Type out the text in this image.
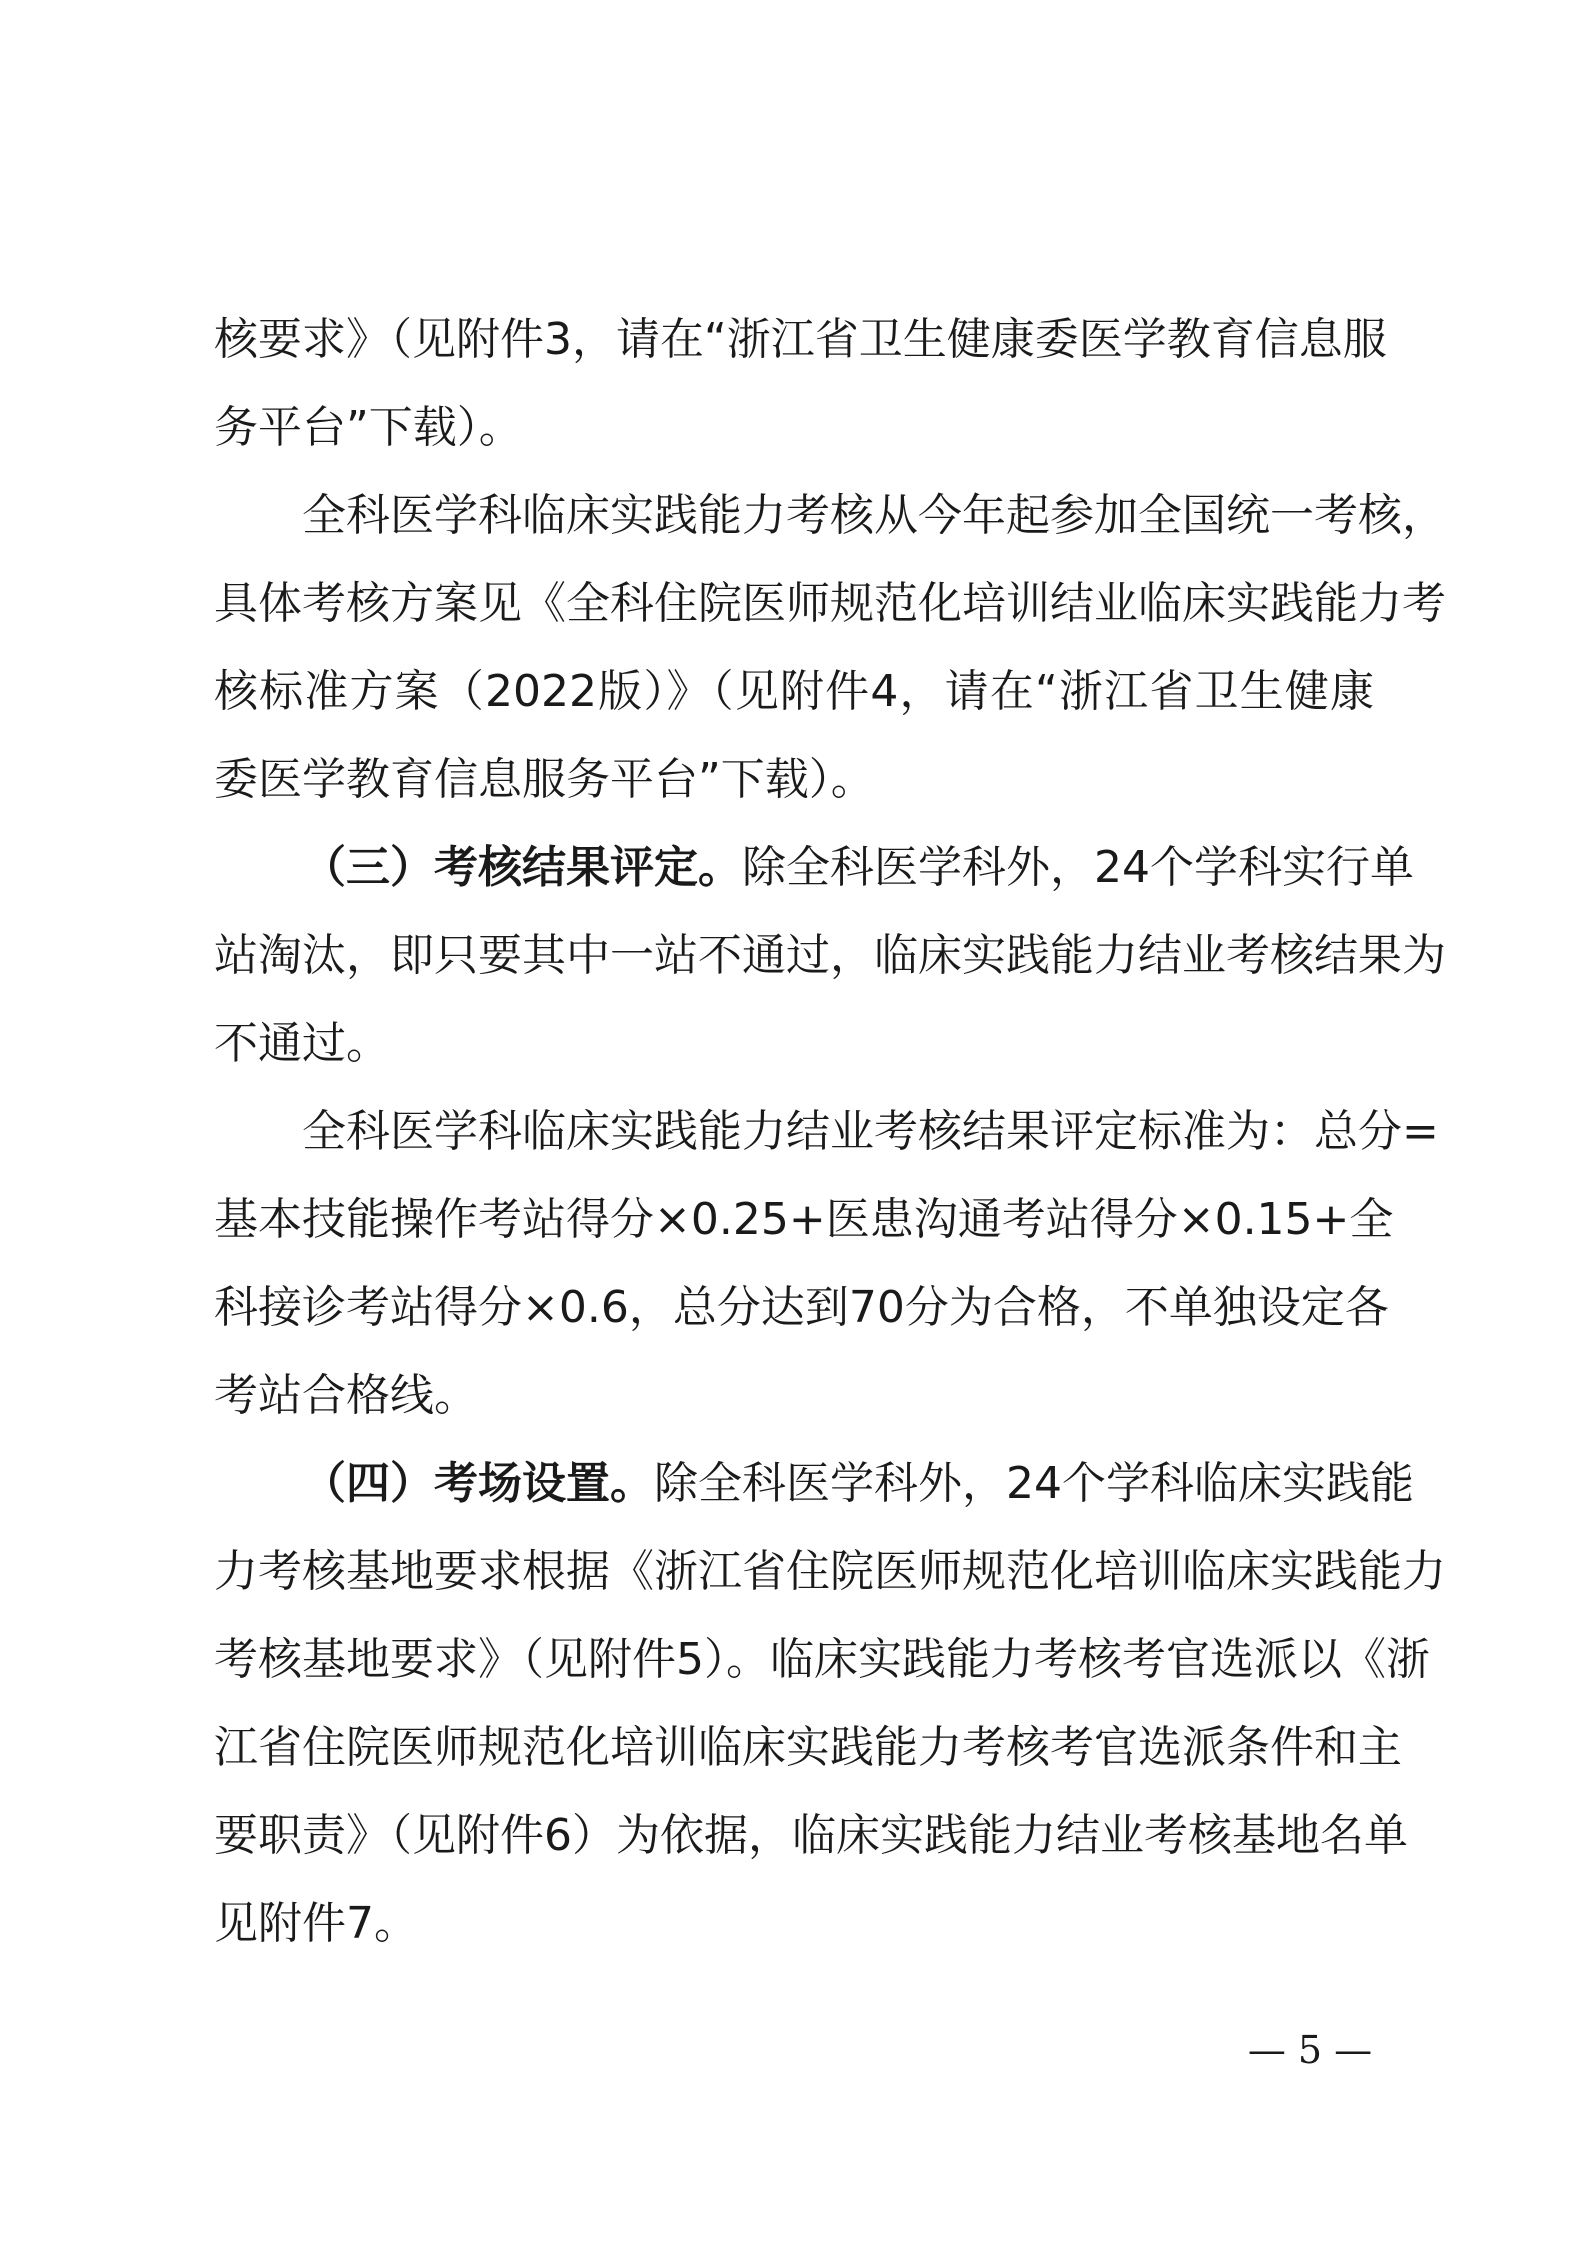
核要求》（见附件3，请在“浙江省卫生健康委医学教育信息服
务平台”下载）。
全科医学科临床实践能力考核从今年起参加全国统一考核，
具体考核方案见《全科住院医师规范化培训结业临床实践能力考
核标准方案（2022版）》（见附件4，请在“浙江省卫生健康
委医学教育信息服务平台”下载）。
（三）考核结果评定。除全科医学科外，24个学科实行单
站淘汰，即只要其中一站不通过，临床实践能力结业考核结果为
不通过。
全科医学科临床实践能力结业考核结果评定标准为：总分=
基本技能操作考站得分×0.25+医患沟通考站得分×0.15+全
科接诊考站得分×0.6，总分达到70分为合格，不单独设定各
考站合格线。
（四）考场设置。除全科医学科外，24个学科临床实践能
力考核基地要求根据《浙江省住院医师规范化培训临床实践能力
考核基地要求》（见附件5）。临床实践能力考核考官选派以《浙
江省住院医师规范化培训临床实践能力考核考官选派条件和主
要职责》（见附件6）为依据，临床实践能力结业考核基地名单
见附件7。
— 5 —
